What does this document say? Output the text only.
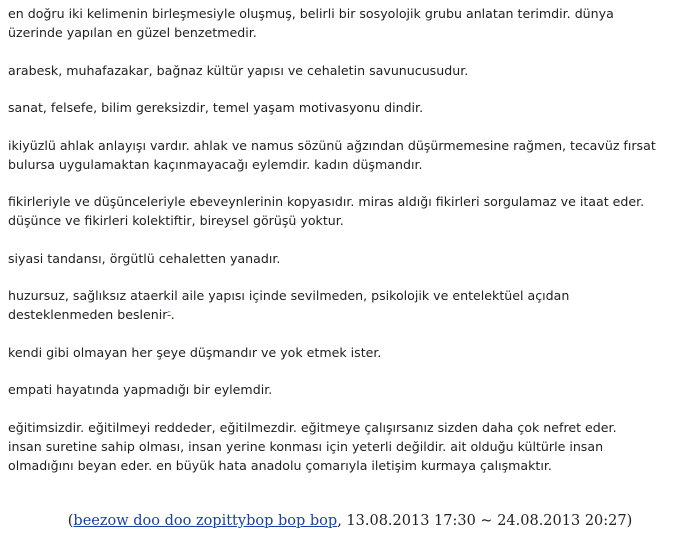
en doğru iki kelimenin birleşmesiyle oluşmuş, belirli bir sosyolojik grubu anlatan terimdir. dünya
üzerinde yapılan en güzel benzetmedir.
arabesk, muhafazakar, bağnaz kültür yapısı ve cehaletin savunucusudur.
sanat, felsefe, bilim gereksizdir, temel yaşam motivasyonu dindir.
ikiyüzlü ahlak anlayışı vardır. ahlak ve namus sözünü ağzından düşürmemesine rağmen, tecavüz fırsat
bulursa uygulamaktan kaçınmayacağı eylemdir. kadın düşmandır.
fikirleriyle ve düşünceleriyle ebeveynlerinin kopyasıdır. miras aldığı fikirleri sorgulamaz ve itaat eder.
düşünce ve fikirleri kolektiftir, bireysel görüşü yoktur.
siyasi tandansı, örgütlü cehaletten yanadır.
huzursuz, sağlıksız ataerkil aile yapısı içinde sevilmeden, psikolojik ve entelektüel açıdan
desteklenmeden beslenir-.
kendi gibi olmayan her şeye düşmandır ve yok etmek ister.
empati hayatında yapmadığı bir eylemdir.
eğitimsizdir. eğitilmeyi reddeder, eğitilmezdir. eğitmeye çalışırsanız sizden daha çok nefret eder.
insan suretine sahip olması, insan yerine konması için yeterli değildir. ait olduğu kültürle insan
olmadığını beyan eder. en büyük hata anadolu çomarıyla iletişim kurmaya çalışmaktır.
(beezow doo doo zopittybop bop bop, 13.08.2013 17:30 ~ 24.08.2013 20:27)
